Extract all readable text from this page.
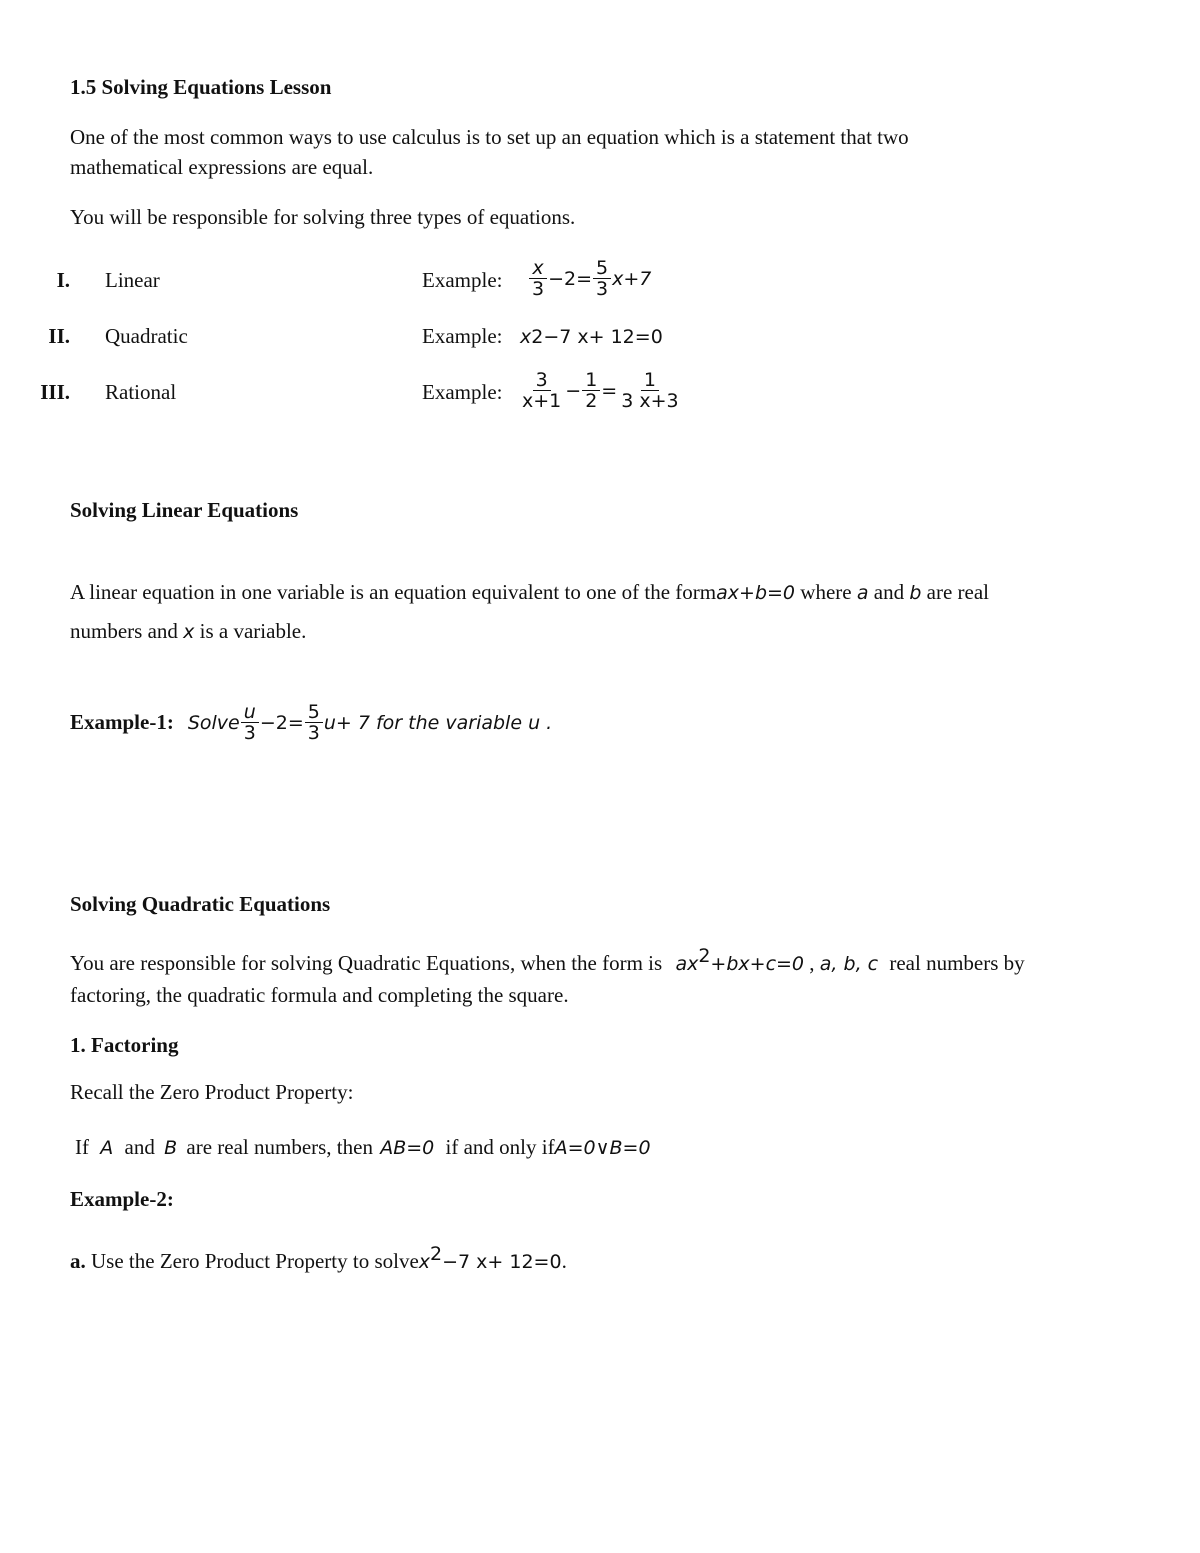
1.5 Solving Equations Lesson
One of the most common ways to use calculus is to set up an equation which is a statement that two
mathematical expressions are equal.
You will be responsible for solving three types of equations.
I. Linear	Example: $\frac{x}{3} -2= \frac{5}{3} x+7$
II. Quadratic	Example: x 2 −7 x+ 12=0
III. Rational	Example: $\frac{3}{x+1} - \frac{1}{2} = \frac{1}{3 x+3}$
Solving Linear Equations
A linear equation in one variable is an equation equivalent to one of the formax+b=0 where a and b are real
numbers and x is a variable.
Example-1: Solve $\frac{u}{3} -2= \frac{5}{3} u+ 7$ for the variable u .
Solving Quadratic Equations
You are responsible for solving Quadratic Equations, when the form is $ax^2+bx+c=0$ , a, b, c real numbers by
factoring, the quadratic formula and completing the square.
1. Factoring
Recall the Zero Product Property:
If A and B are real numbers, then AB=0 if and only ifA=0∨B=0
Example-2:
a. Use the Zero Product Property to solvex$^2$−7 x+ 12=0.
